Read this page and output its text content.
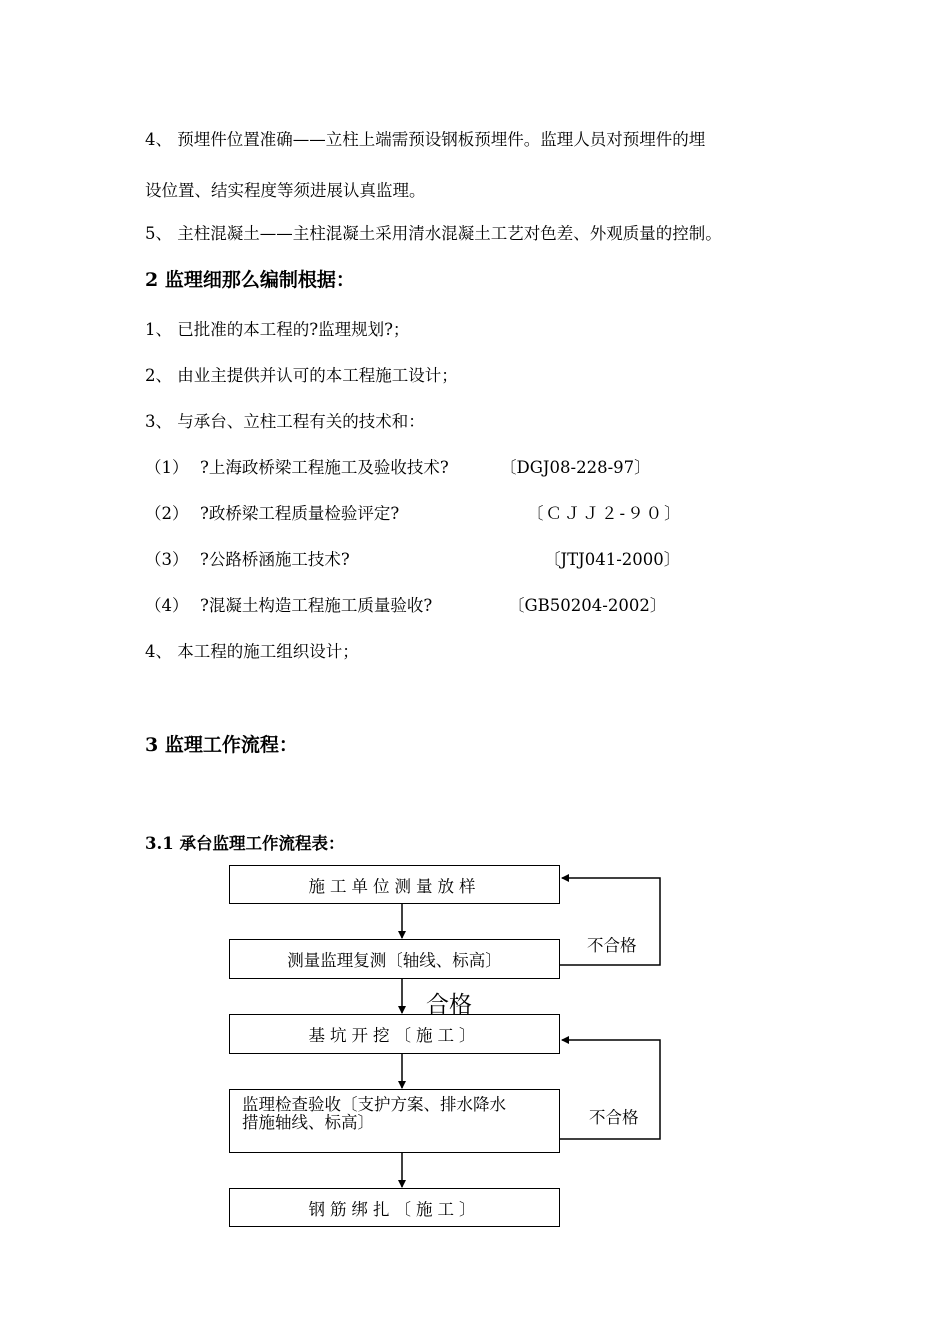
4、 预埋件位置准确——立柱上端需预设钢板预埋件。监理人员对预埋件的埋
设位置、结实程度等须进展认真监理。
5、 主柱混凝土——主柱混凝土采用清水混凝土工艺对色差、外观质量的控制。
2 监理细那么编制根据：
1、 已批准的本工程的?监理规划?；
2、 由业主提供并认可的本工程施工设计；
3、 与承台、立柱工程有关的技术和：
（1） ?上海政桥梁工程施工及验收技术?	〔DGJ08-228-97〕
（2） ?政桥梁工程质量检验评定?	〔ＣＪＪ２-９０〕
（3） ?公路桥涵施工技术?	〔JTJ041-2000〕
（4） ?混凝土构造工程施工质量验收?	〔GB50204-2002〕
4、 本工程的施工组织设计；
3 监理工作流程：
3.1 承台监理工作流程表：
施工单位测量放样
测量监理复测〔轴线、标高〕
基坑开挖〔施工〕
监理检查验收〔支护方案、排水降水
措施轴线、标高〕
钢筋绑扎〔施工〕
不合格
不合格
合格
